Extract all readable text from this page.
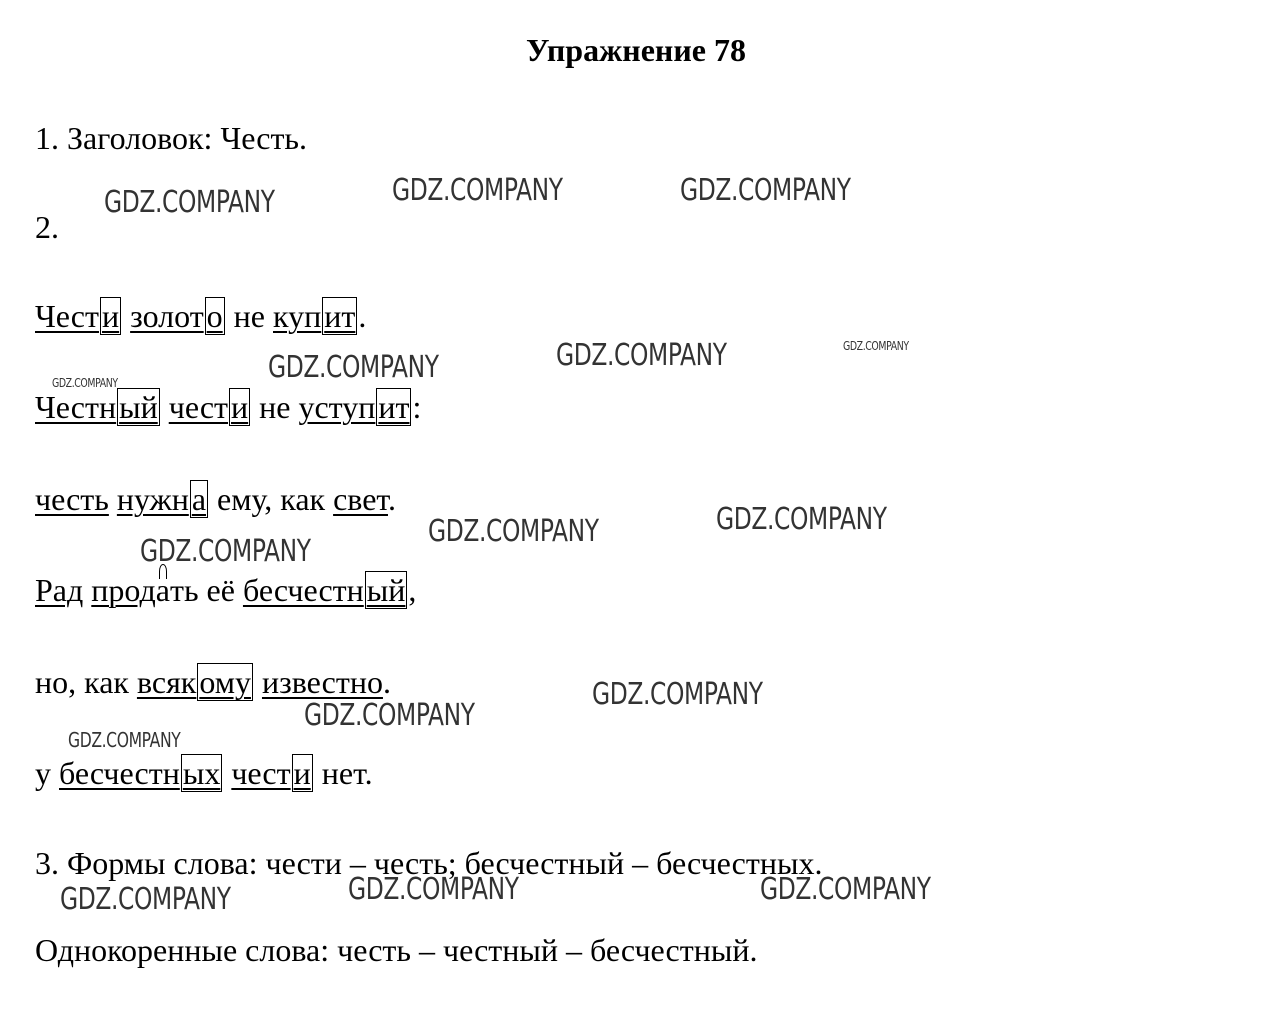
Упражнение 78
1. Заголовок: Честь.
2.
Чести золото не купит.
Честный чести не уступит:
честь нужна ему, как свет.
Рад продать её бесчестный,
но, как всякому известно.
у бесчестных чести нет.
3. Формы слова: чести – честь; бесчестный – бесчестных.
Однокоренные слова: честь – честный – бесчестный.
GDZ.COMPANY	GDZ.COMPANY	GDZ.COMPANY
GDZ.COMPANY	GDZ.COMPANY	GDZ.COMPANY
GDZ.COMPANY
GDZ.COMPANY	GDZ.COMPANY
GDZ.COMPANY
GDZ.COMPANY
GDZ.COMPANY
GDZ.COMPANY
GDZ.COMPANY	GDZ.COMPANY	GDZ.COMPANY
